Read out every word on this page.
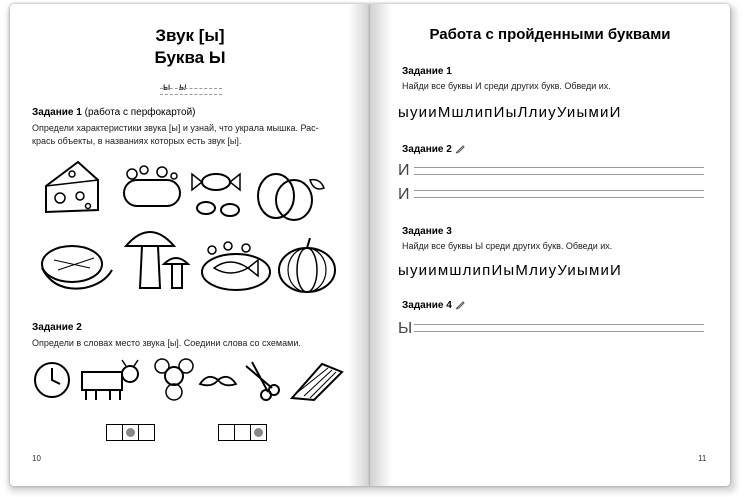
Звук [ы]
Буква Ы
ы ы
Задание 1 (работа с перфокартой)
Определи характеристики звука [ы] и узнай, что украла мышка. Рас-
крась объекты, в названиях которых есть звук [ы].
Задание 2
Определи в словах место звука [ы]. Соедини слова со схемами.
10
Работа с пройденными буквами
Задание 1
Найди все буквы И среди других букв. Обведи их.
ыуииМшлипИыЛлиуУиымиИ
Задание 2
И
И
Задание 3
Найди все буквы Ы среди других букв. Обведи их.
ыуиимшлипИыМлиуУиымиИ
Задание 4
Ы
11
